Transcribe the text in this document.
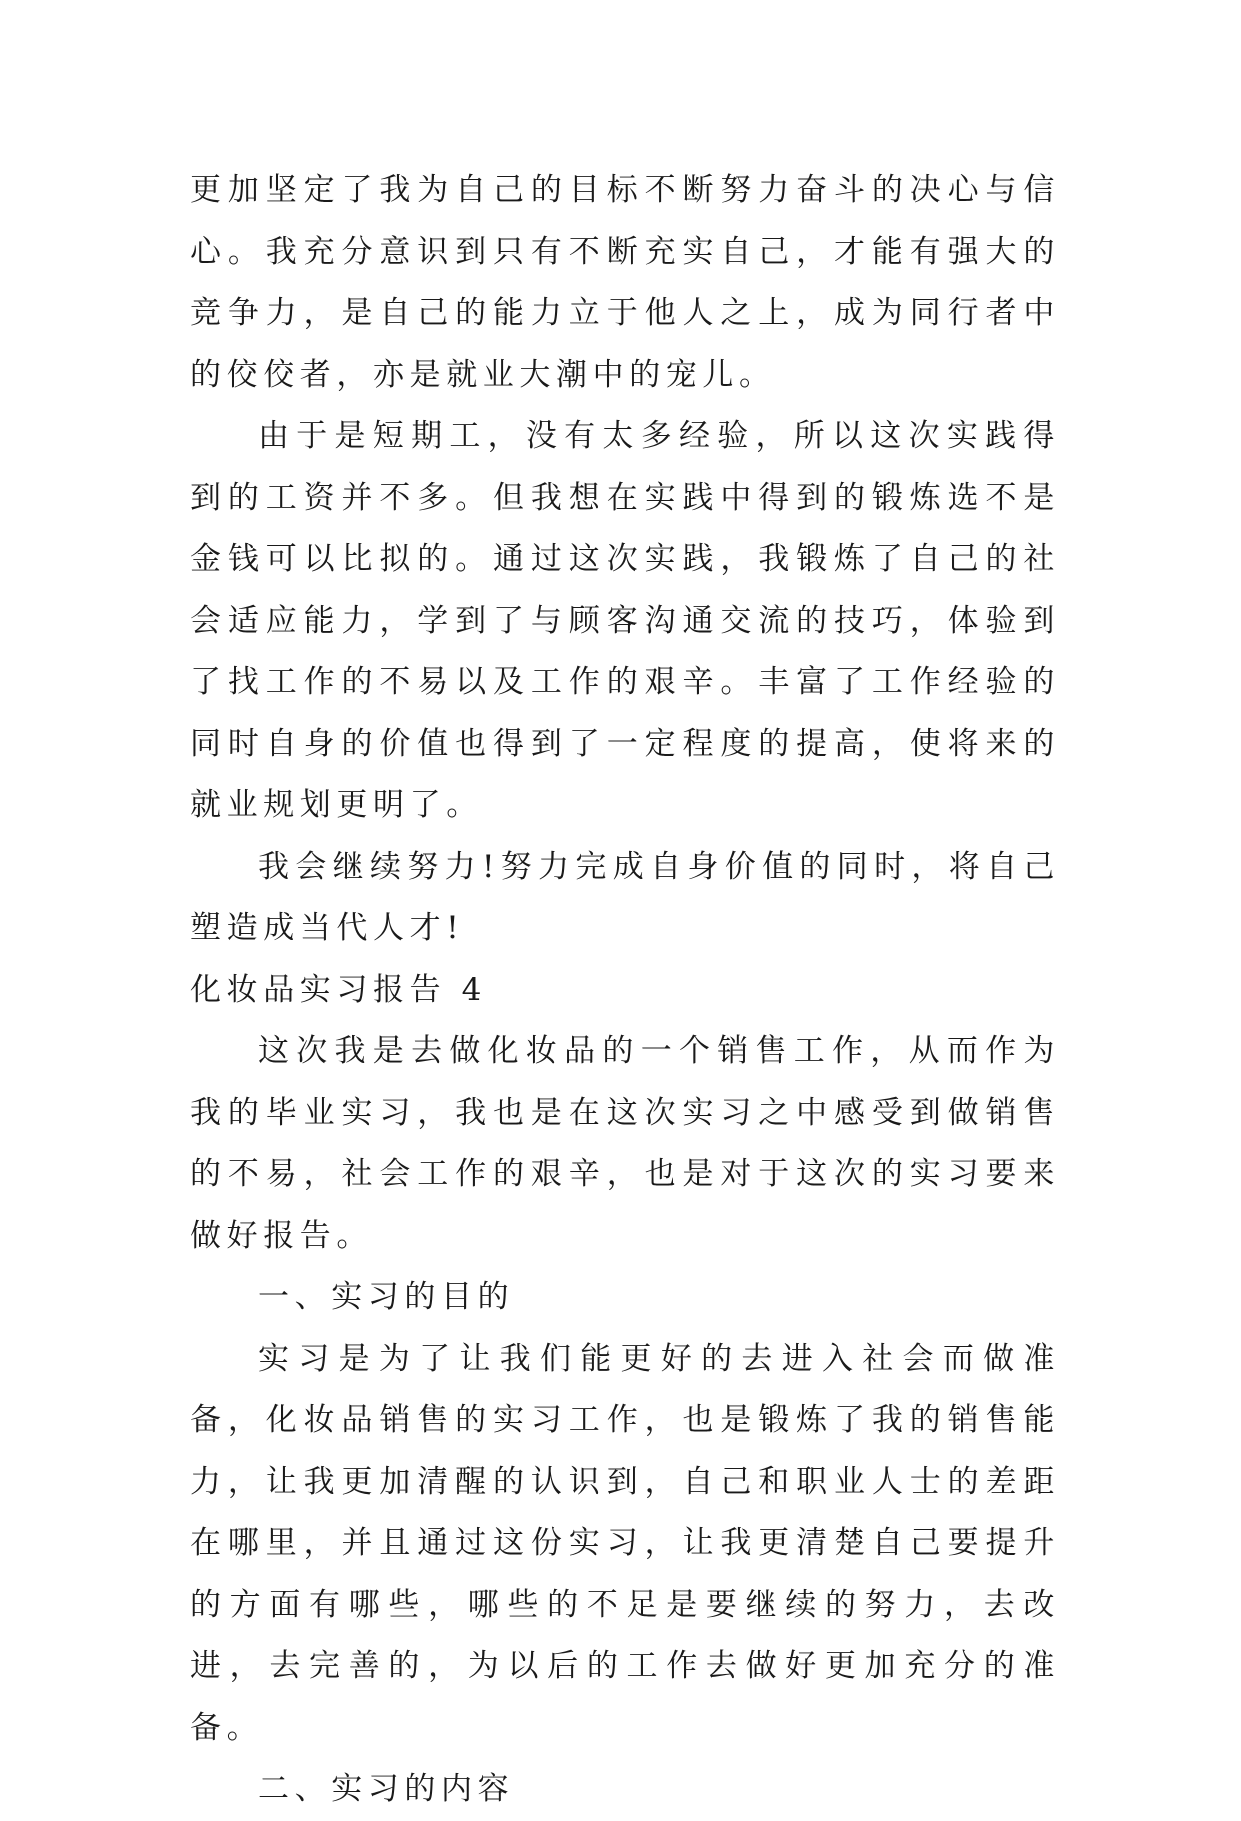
更加坚定了我为自己的目标不断努力奋斗的决心与信心。我充分意识到只有不断充实自己，才能有强大的竞争力，是自己的能力立于他人之上，成为同行者中的佼佼者，亦是就业大潮中的宠儿。

由于是短期工，没有太多经验，所以这次实践得到的工资并不多。但我想在实践中得到的锻炼选不是金钱可以比拟的。通过这次实践，我锻炼了自己的社会适应能力，学到了与顾客沟通交流的技巧，体验到了找工作的不易以及工作的艰辛。丰富了工作经验的同时自身的价值也得到了一定程度的提高，使将来的就业规划更明了。

我会继续努力!努力完成自身价值的同时，将自己塑造成当代人才!

化妆品实习报告 4

这次我是去做化妆品的一个销售工作，从而作为我的毕业实习，我也是在这次实习之中感受到做销售的不易，社会工作的艰辛，也是对于这次的实习要来做好报告。

一、实习的目的

实习是为了让我们能更好的去进入社会而做准备，化妆品销售的实习工作，也是锻炼了我的销售能力，让我更加清醒的认识到，自己和职业人士的差距在哪里，并且通过这份实习，让我更清楚自己要提升的方面有哪些，哪些的不足是要继续的努力，去改进，去完善的，为以后的工作去做好更加充分的准备。

二、实习的内容
